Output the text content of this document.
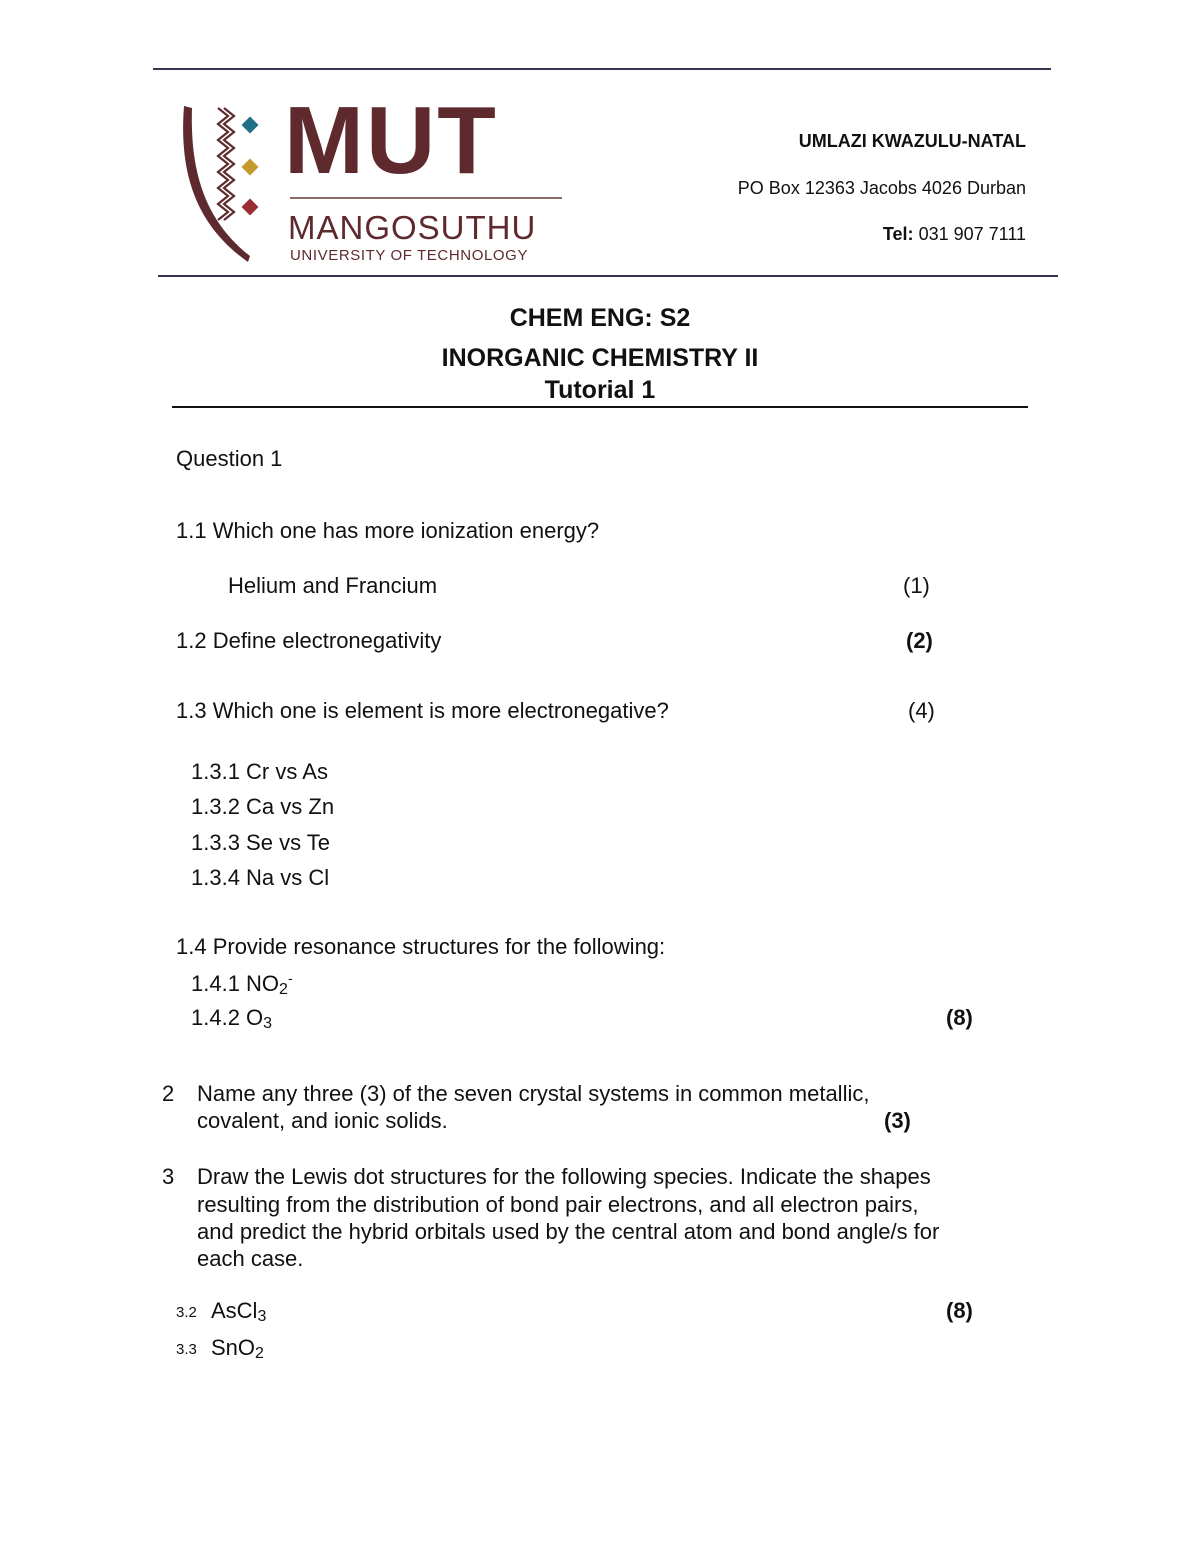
MUT
MANGOSUTHU
UNIVERSITY OF TECHNOLOGY
UMLAZI KWAZULU-NATAL
PO Box 12363 Jacobs 4026 Durban
Tel: 031 907 7111
CHEM ENG: S2
INORGANIC CHEMISTRY II
Tutorial 1
Question 1
1.1 Which one has more ionization energy?
Helium and Francium	(1)
1.2 Define electronegativity	(2)
1.3 Which one is element is more electronegative?	(4)
1.3.1 Cr vs As
1.3.2 Ca vs Zn
1.3.3 Se vs Te
1.3.4 Na vs Cl
1.4 Provide resonance structures for the following:
1.4.1 NO2-
1.4.2 O3	(8)
2 Name any three (3) of the seven crystal systems in common metallic,
covalent, and ionic solids.	(3)
3 Draw the Lewis dot structures for the following species. Indicate the shapes
resulting from the distribution of bond pair electrons, and all electron pairs,
and predict the hybrid orbitals used by the central atom and bond angle/s for
each case.
3.2 AsCl3	(8)
3.3 SnO2
